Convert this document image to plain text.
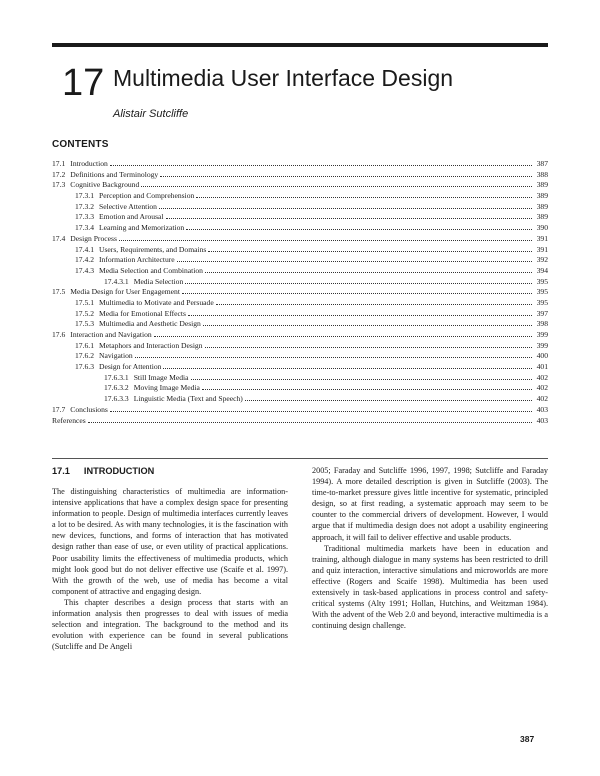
17 Multimedia User Interface Design
Alistair Sutcliffe
CONTENTS
17.1 Introduction	387
17.2 Definitions and Terminology	388
17.3 Cognitive Background	389
17.3.1 Perception and Comprehension	389
17.3.2 Selective Attention	389
17.3.3 Emotion and Arousal	389
17.3.4 Learning and Memorization	390
17.4 Design Process	391
17.4.1 Users, Requirements, and Domains	391
17.4.2 Information Architecture	392
17.4.3 Media Selection and Combination	394
17.4.3.1 Media Selection	395
17.5 Media Design for User Engagement	395
17.5.1 Multimedia to Motivate and Persuade	395
17.5.2 Media for Emotional Effects	397
17.5.3 Multimedia and Aesthetic Design	398
17.6 Interaction and Navigation	399
17.6.1 Metaphors and Interaction Design	399
17.6.2 Navigation	400
17.6.3 Design for Attention	401
17.6.3.1 Still Image Media	402
17.6.3.2 Moving Image Media	402
17.6.3.3 Linguistic Media (Text and Speech)	402
17.7 Conclusions	403
References	403
17.1 INTRODUCTION

The distinguishing characteristics of multimedia are information-intensive applications that have a complex design space for presenting information to people. Design of multimedia interfaces currently leaves a lot to be desired. As with many technologies, it is the fascination with new devices, functions, and forms of interaction that has motivated design rather than ease of use, or even utility of practical applications. Poor usability limits the effectiveness of multimedia products, which might look good but do not deliver effective use (Scaife et al. 1997). With the growth of the web, use of media has become a vital component of attractive and engaging design.

This chapter describes a design process that starts with an information analysis then progresses to deal with issues of media selection and integration. The background to the method and its evolution with experience can be found in several publications (Sutcliffe and De Angeli

2005; Faraday and Sutcliffe 1996, 1997, 1998; Sutcliffe and Faraday 1994). A more detailed description is given in Sutcliffe (2003). The time-to-market pressure gives little incentive for systematic, principled design, so at first reading, a systematic approach may seem to be counter to the commercial drivers of development. However, I would argue that if multimedia design does not adopt a usability engineering approach, it will fail to deliver effective and usable products.

Traditional multimedia markets have been in education and training, although dialogue in many systems has been restricted to drill and quiz interaction, interactive simulations and microworlds are more effective (Rogers and Scaife 1998). Multimedia has been used extensively in task-based applications in process control and safety-critical systems (Alty 1991; Hollan, Hutchins, and Weitzman 1984). With the advent of the Web 2.0 and beyond, interactive multimedia is a continuing design challenge.

387
